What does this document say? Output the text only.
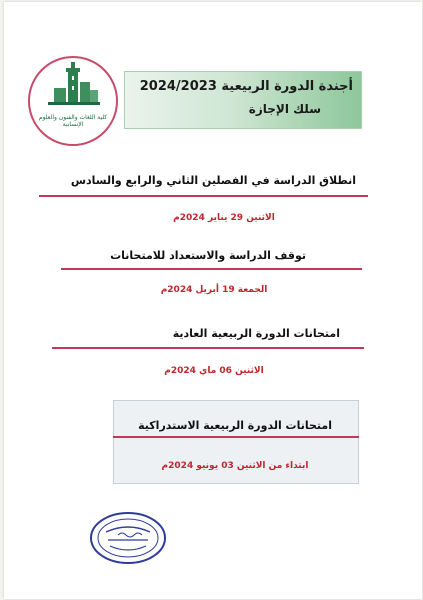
كلية اللغات والفنون والعلوم الإنسانية
أجندة الدورة الربيعية 2024/2023
سلك الإجازة
انطلاق الدراسة في الفصلين الثاني والرابع والسادس
الاثنين 29 يناير 2024م
توقف الدراسة والاستعداد للامتحانات
الجمعة 19 أبريل 2024م
امتحانات الدورة الربيعية العادية
الاثنين 06 ماي 2024م
امتحانات الدورة الربيعية الاستدراكية
ابتداء من الاثنين 03 يونيو 2024م
